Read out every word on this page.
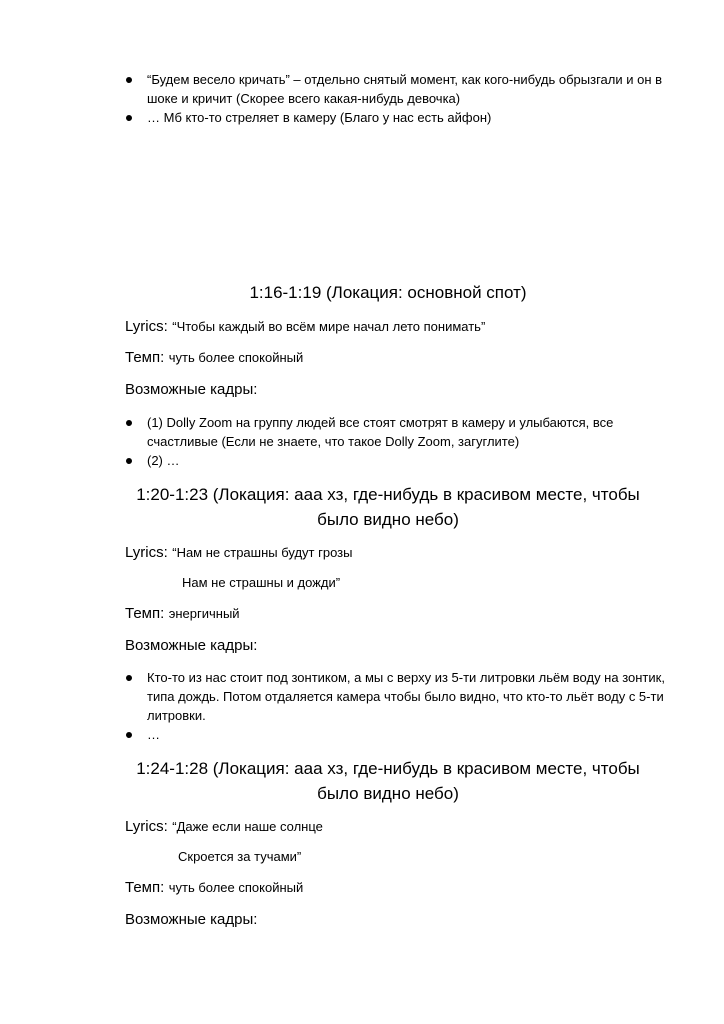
“Будем весело кричать” – отдельно снятый момент, как кого-нибудь обрызгали и он в шоке и кричит (Скорее всего какая-нибудь девочка)
… Мб кто-то стреляет в камеру (Благо у нас есть айфон)
1:16-1:19 (Локация: основной спот)
Lyrics: “Чтобы каждый во всём мире начал лето понимать”
Темп: чуть более спокойный
Возможные кадры:
(1) Dolly Zoom на группу людей все стоят смотрят в камеру и улыбаются, все счастливые (Если не знаете, что такое Dolly Zoom, загуглите)
(2) …
1:20-1:23 (Локация: ааа хз, где-нибудь в красивом месте, чтобы
было видно небо)
Lyrics: “Нам не страшны будут грозы
Нам не страшны и дожди”
Темп: энергичный
Возможные кадры:
Кто-то из нас стоит под зонтиком, а мы с верху из 5-ти литровки льём воду на зонтик, типа дождь. Потом отдаляется камера чтобы было видно, что кто-то льёт воду с 5-ти литровки.
…
1:24-1:28 (Локация: ааа хз, где-нибудь в красивом месте, чтобы
было видно небо)
Lyrics: “Даже если наше солнце
Скроется за тучами”
Темп: чуть более спокойный
Возможные кадры:
